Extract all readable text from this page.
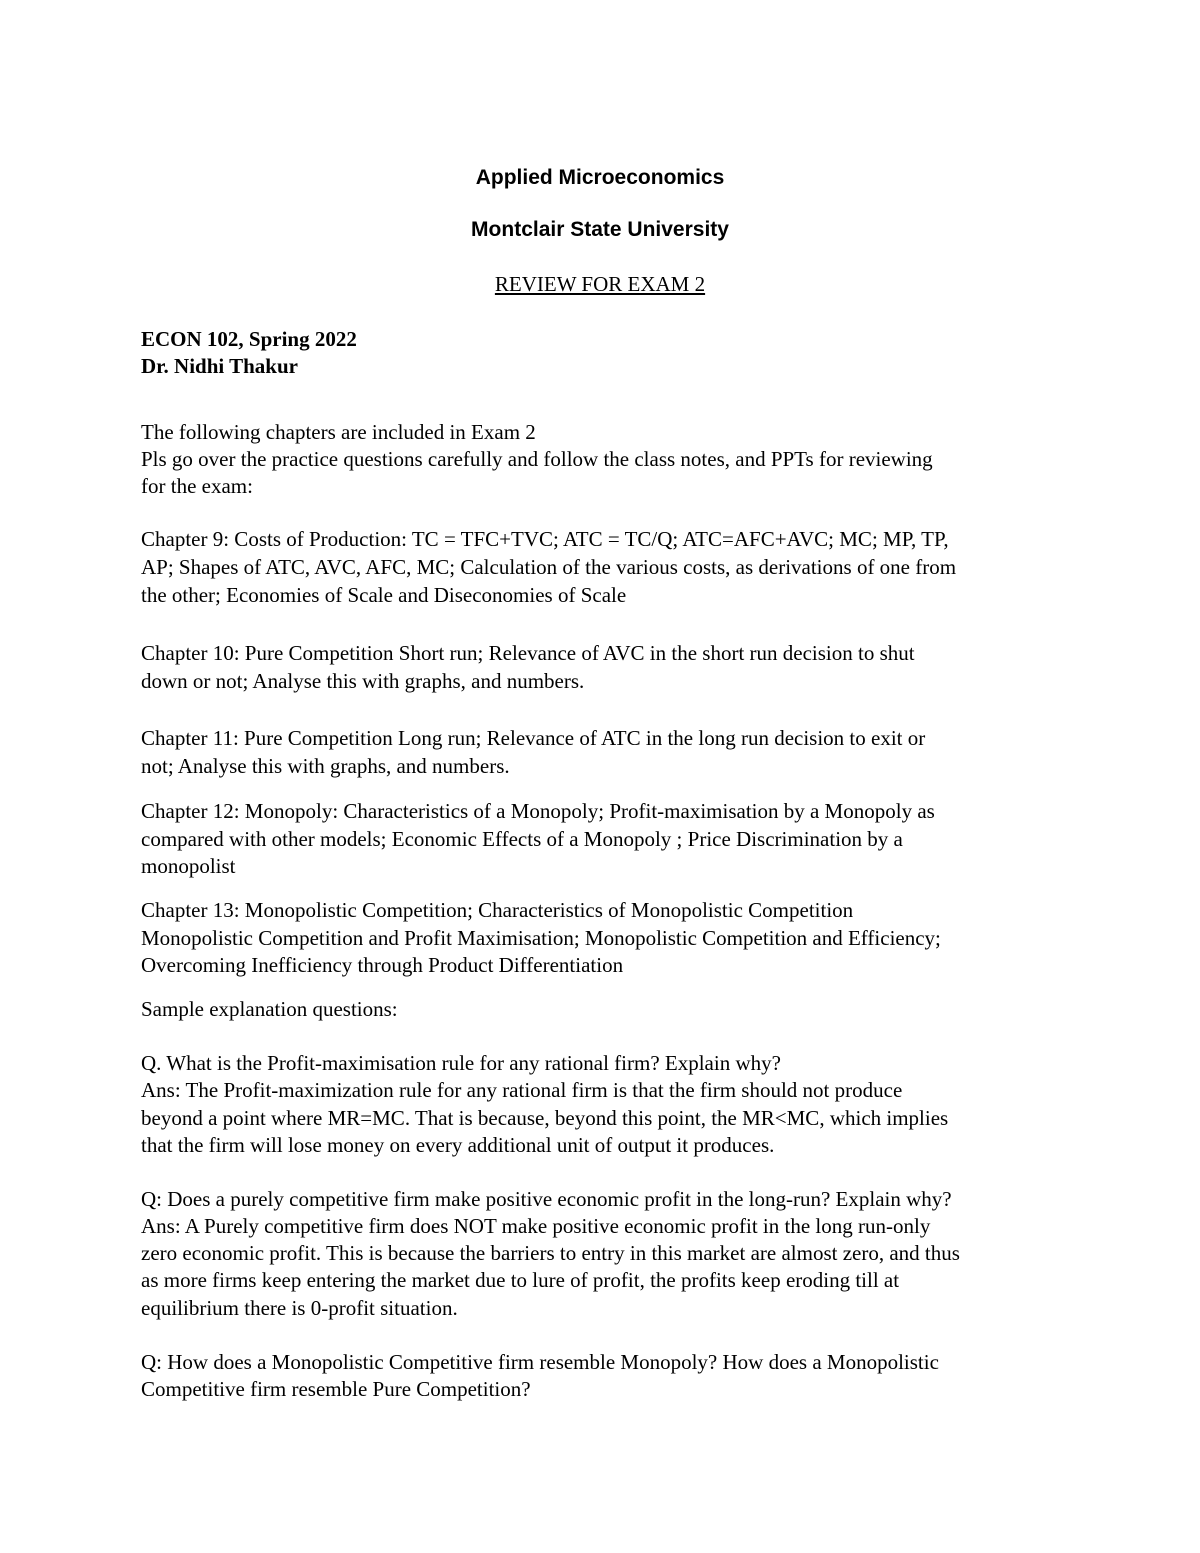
Applied Microeconomics
Montclair State University
REVIEW FOR EXAM 2
ECON 102, Spring 2022
Dr. Nidhi Thakur
The following chapters are included in Exam 2
Pls go over the practice questions carefully and follow the class notes, and PPTs for reviewing
for the exam:
Chapter 9: Costs of Production: TC = TFC+TVC; ATC = TC/Q; ATC=AFC+AVC; MC; MP, TP,
AP; Shapes of ATC, AVC, AFC, MC; Calculation of the various costs, as derivations of one from
the other; Economies of Scale and Diseconomies of Scale
Chapter 10: Pure Competition Short run; Relevance of AVC in the short run decision to shut
down or not; Analyse this with graphs, and numbers.
Chapter 11: Pure Competition Long run; Relevance of ATC in the long run decision to exit or
not; Analyse this with graphs, and numbers.
Chapter 12: Monopoly: Characteristics of a Monopoly; Profit-maximisation by a Monopoly as
compared with other models; Economic Effects of a Monopoly ; Price Discrimination by a
monopolist
Chapter 13: Monopolistic Competition; Characteristics of Monopolistic Competition
Monopolistic Competition and Profit Maximisation; Monopolistic Competition and Efficiency;
Overcoming Inefficiency through Product Differentiation
Sample explanation questions:
Q. What is the Profit-maximisation rule for any rational firm? Explain why?
Ans: The Profit-maximization rule for any rational firm is that the firm should not produce
beyond a point where MR=MC. That is because, beyond this point, the MR<MC, which implies
that the firm will lose money on every additional unit of output it produces.
Q: Does a purely competitive firm make positive economic profit in the long-run? Explain why?
Ans: A Purely competitive firm does NOT make positive economic profit in the long run-only
zero economic profit. This is because the barriers to entry in this market are almost zero, and thus
as more firms keep entering the market due to lure of profit, the profits keep eroding till at
equilibrium there is 0-profit situation.
Q: How does a Monopolistic Competitive firm resemble Monopoly? How does a Monopolistic
Competitive firm resemble Pure Competition?
